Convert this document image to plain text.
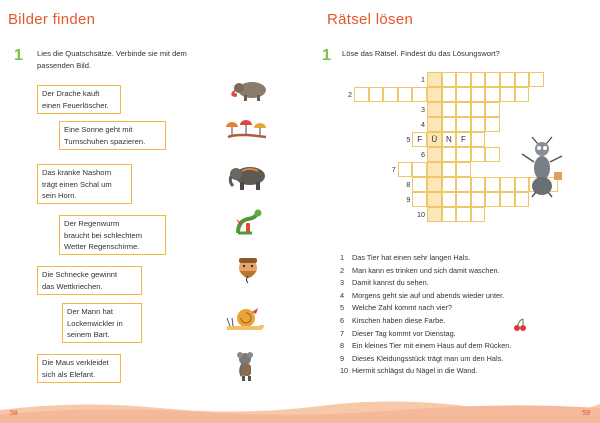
Bilder finden
1 Lies die Quatschsätze. Verbinde sie mit dem
passenden Bild.
Der Drache kauft
einen Feuerlöscher.
Eine Sonne geht mit
Turnschuhen spazieren.
Das kranke Nashorn
trägt einen Schal um
sein Horn.
Der Regenwurm
braucht bei schlechtem
Wetter Regenschirme.
Die Schnecke gewinnt
das Wettkriechen.
Der Mann hat
Lockenwickler in
seinem Bart.
Die Maus verkleidet
sich als Elefant.
Rätsel lösen
1 Löse das Rätsel. Findest du das Lösungswort?
1
2
3
4
5
6
7
8
9
10
F	Ü	N	F
1 Das Tier hat einen sehr langen Hals.
2 Man kann es trinken und sich damit waschen.
3 Damit kannst du sehen.
4 Morgens geht sie auf und abends wieder unter.
5 Welche Zahl kommt nach vier?
6 Kirschen haben diese Farbe.
7 Dieser Tag kommt vor Dienstag.
8 Ein kleines Tier mit einem Haus auf dem Rücken.
9 Dieses Kleidungsstück trägt man um den Hals.
10 Hiermit schlägst du Nägel in die Wand.
58	59
